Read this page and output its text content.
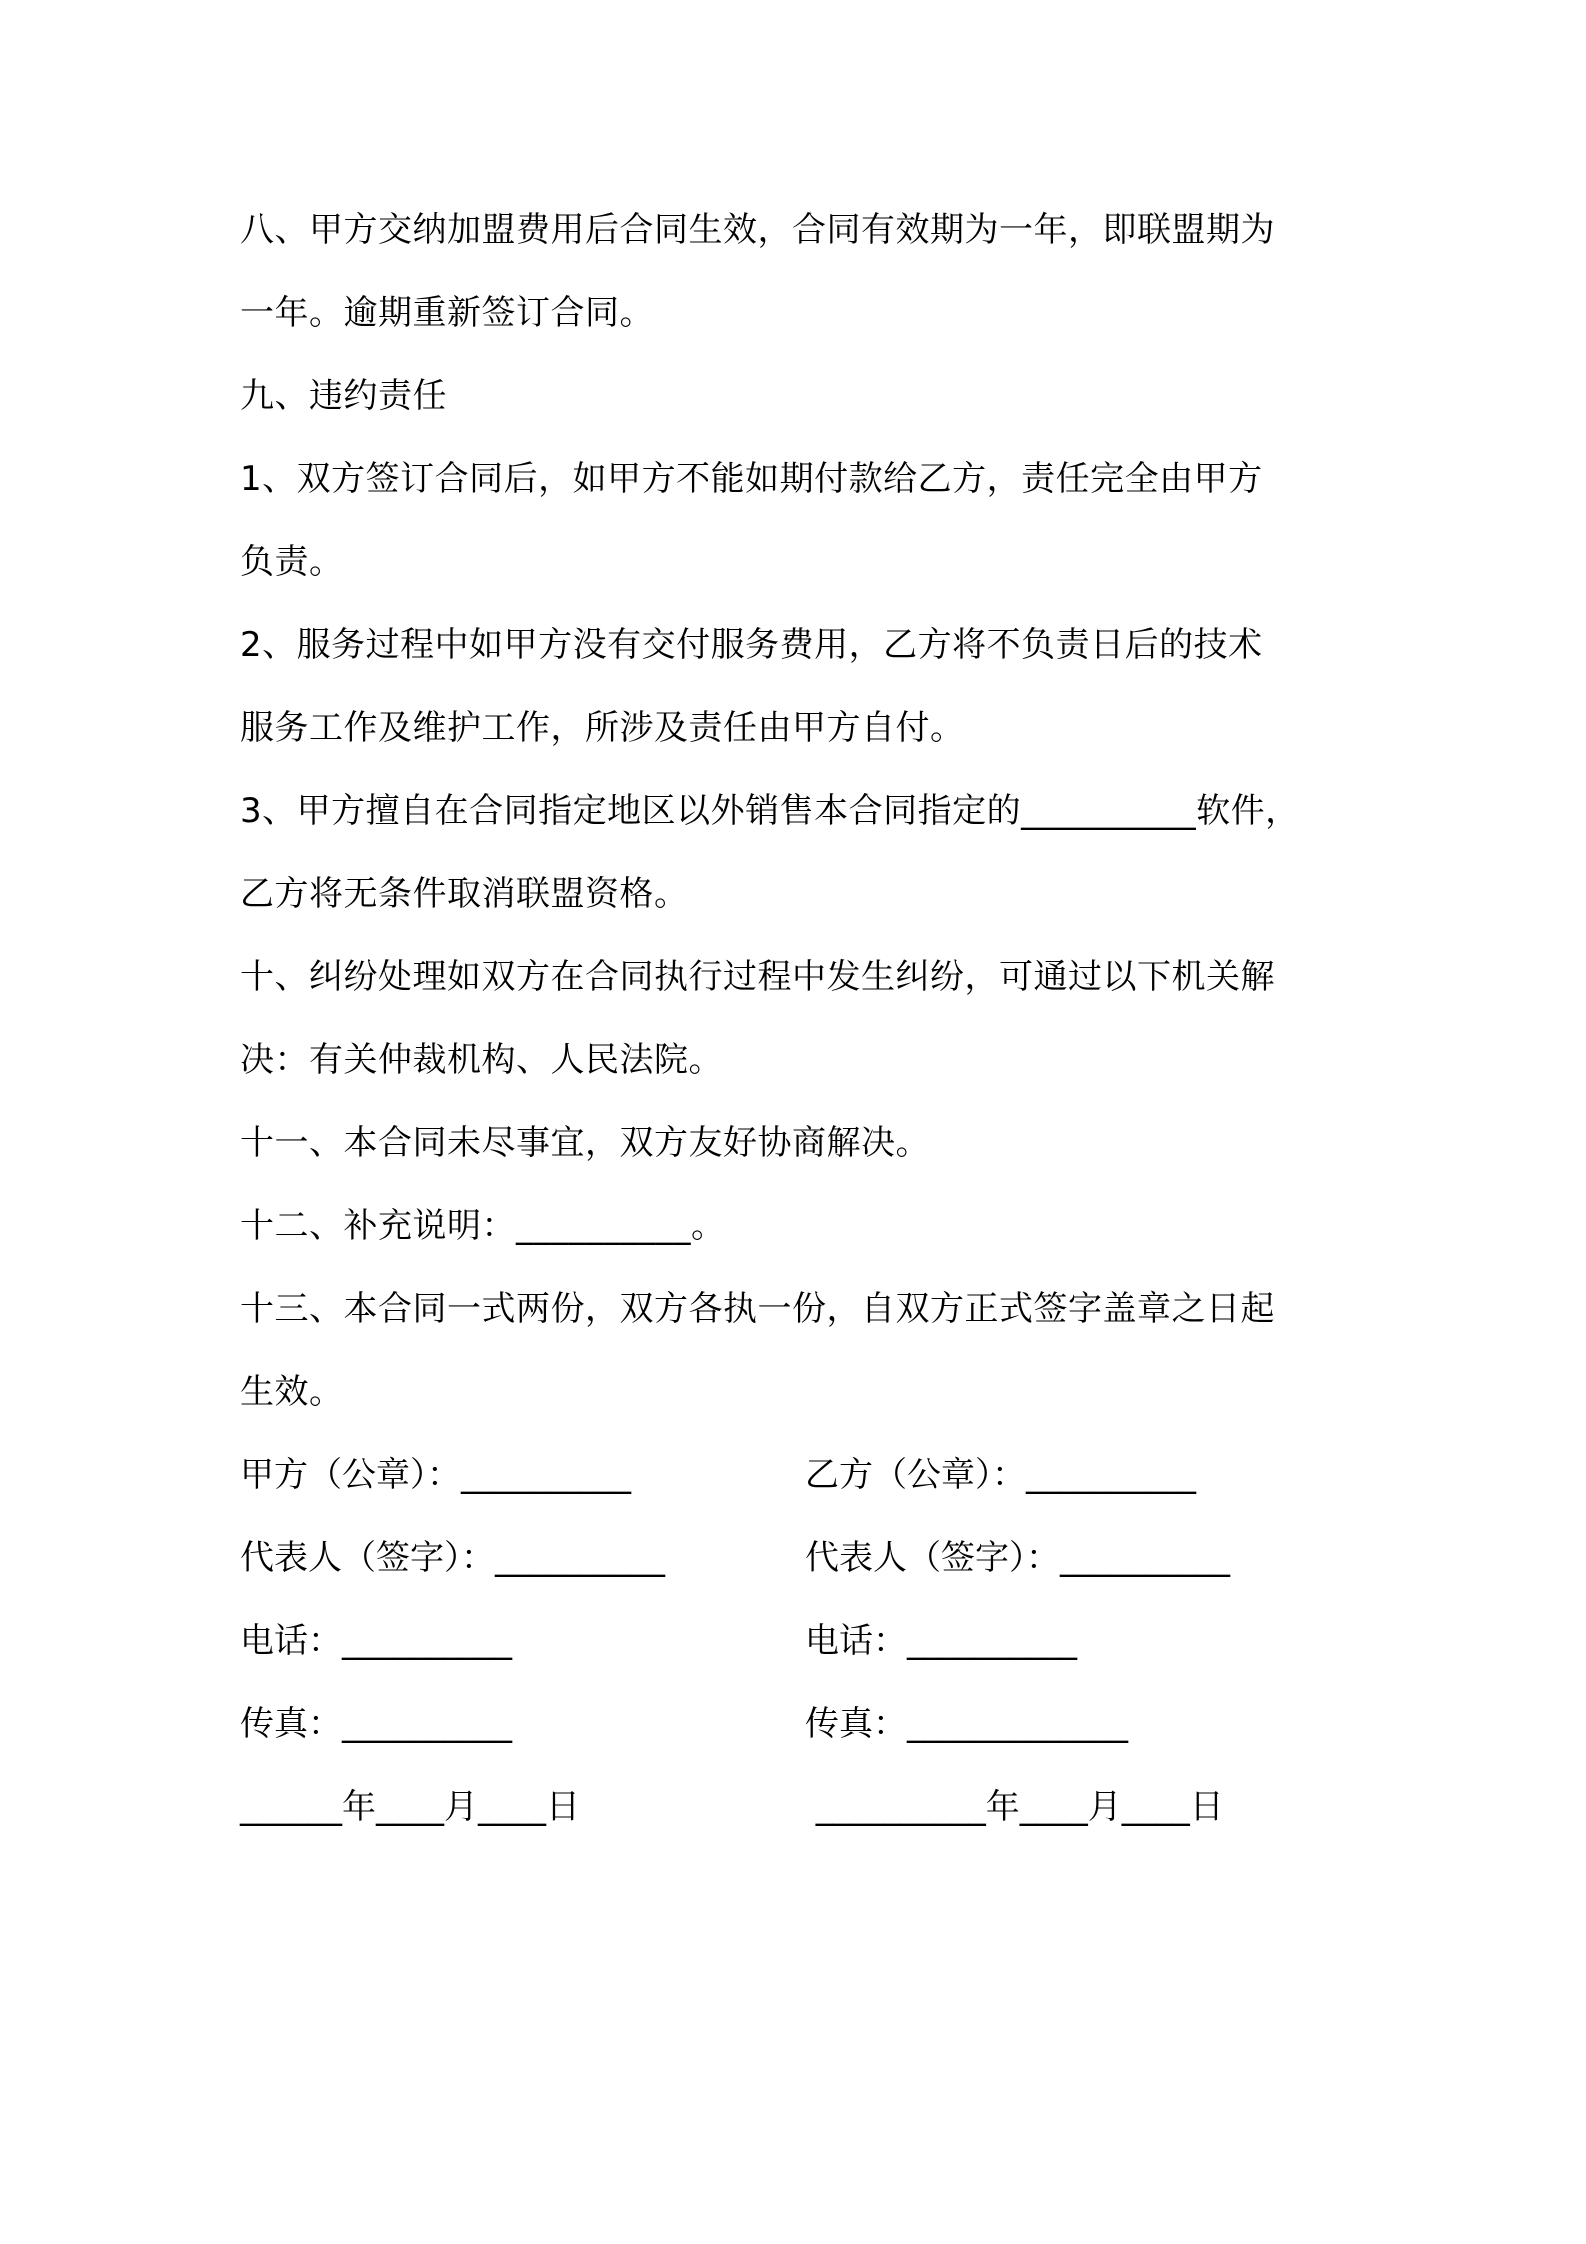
八、甲方交纳加盟费用后合同生效，合同有效期为一年，即联盟期为
一年。逾期重新签订合同。
九、违约责任
1、双方签订合同后，如甲方不能如期付款给乙方，责任完全由甲方
负责。
2、服务过程中如甲方没有交付服务费用，乙方将不负责日后的技术
服务工作及维护工作，所涉及责任由甲方自付。
3、甲方擅自在合同指定地区以外销售本合同指定的__________软件，
乙方将无条件取消联盟资格。
十、纠纷处理如双方在合同执行过程中发生纠纷，可通过以下机关解
决：有关仲裁机构、人民法院。
十一、本合同未尽事宜，双方友好协商解决。
十二、补充说明：__________。
十三、本合同一式两份，双方各执一份，自双方正式签字盖章之日起
生效。
甲方（公章）：__________	乙方（公章）：__________
代表人（签字）：__________	代表人（签字）：__________
电话：__________	电话：__________
传真：__________	传真：_____________
______年____月____日	__________年____月____日
